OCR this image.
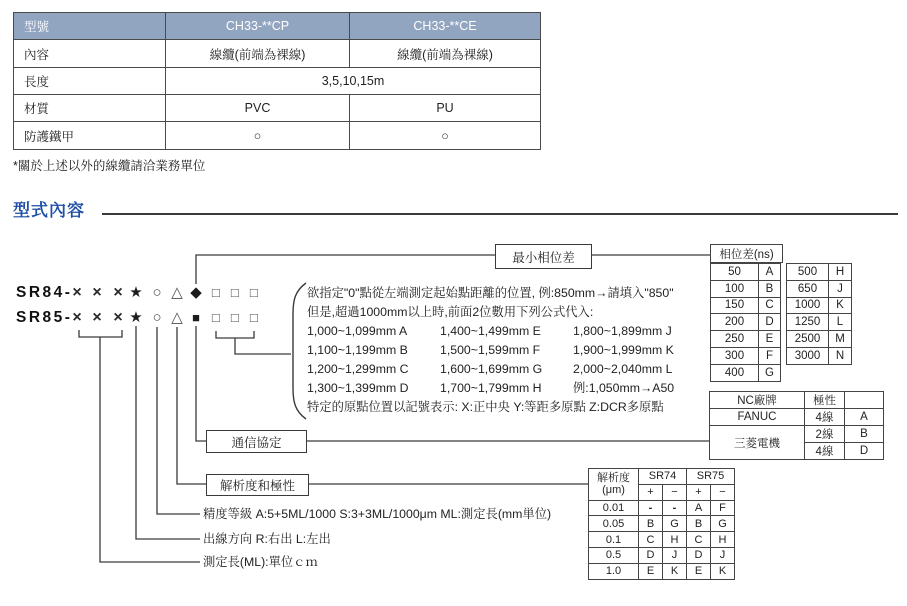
型號	CH33-**CP	CH33-**CE
內容	線纜(前端為裸線)	線纜(前端為裸線)
長度	3,5,10,15m	
材質	PVC	PU
防護鐵甲	○	○
*關於上述以外的線纜請洽業務單位
型式內容
SR84- × × × ★ ○ △ ◆ □ □ □
SR85- × × × ★ ○ △ ■ □ □ □
最小相位差
通信協定
解析度和極性
欲指定"0"點從左端測定起始點距離的位置, 例:850mm→請填入"850"
但是,超過1000mm以上時,前面2位數用下列公式代入:
1,000~1,099mm A	1,400~1,499mm E	1,800~1,899mm J
1,100~1,199mm B	1,500~1,599mm F	1,900~1,999mm K
1,200~1,299mm C	1,600~1,699mm G	2,000~2,040mm L
1,300~1,399mm D	1,700~1,799mm H	例:1,050mm→A50
特定的原點位置以記號表示: X:正中央 Y:等距多原點 Z:DCR多原點
相位差(ns)
50	A
100	B
150	C
200	D
250	E
300	F
400	G
500	H
650	J
1000	K
1250	L
2500	M
3000	N
NC廠牌	極性	
FANUC	4線	A
三菱電機	2線	B
	4線	D
解析度
(μm)	SR74		SR75	
	+	−	+	−
0.01	-	-	A	F
0.05	B	G	B	G
0.1	C	H	C	H
0.5	D	J	D	J
1.0	E	K	E	K
精度等級 A:5+5ML/1000 S:3+3ML/1000μm ML:測定長(mm単位)
出線方向 R:右出 L:左出
測定長(ML):單位ｃｍ
